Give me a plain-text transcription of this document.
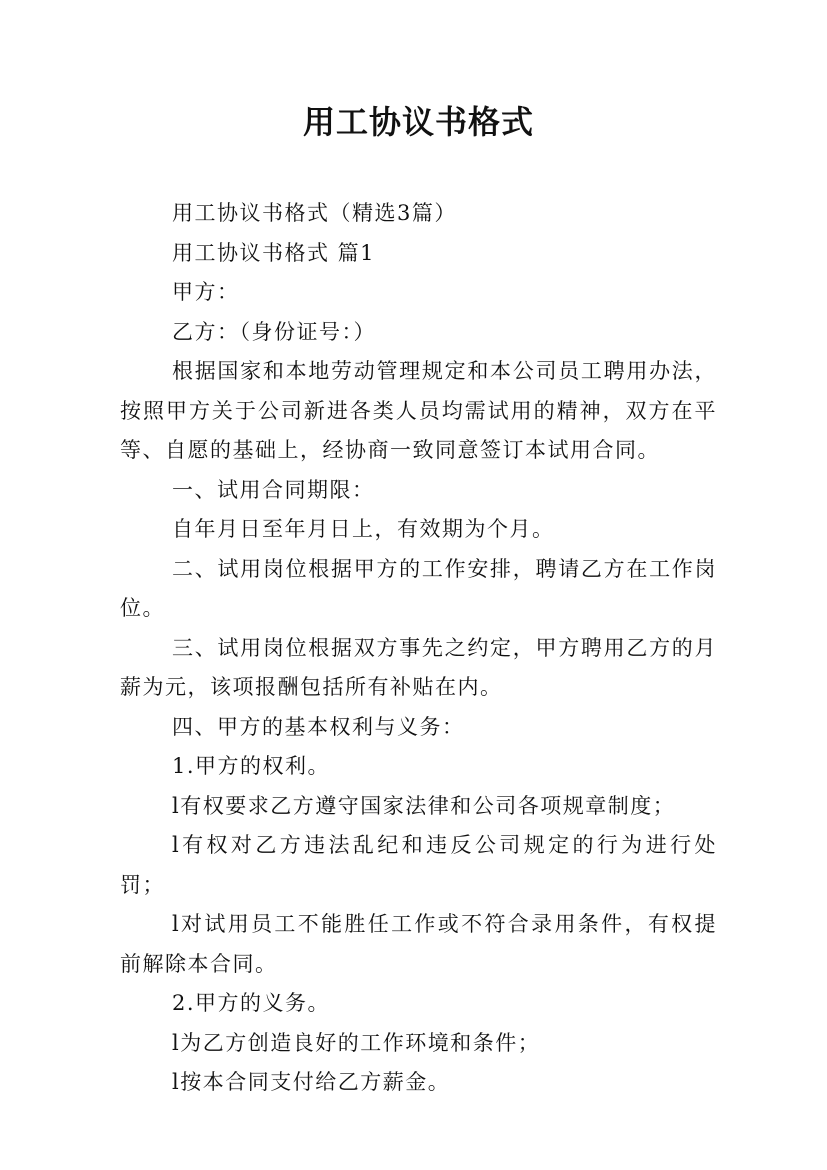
用工协议书格式

用工协议书格式（精选3篇）

用工协议书格式 篇1

甲方：

乙方：（身份证号：）

根据国家和本地劳动管理规定和本公司员工聘用办法，按照甲方关于公司新进各类人员均需试用的精神，双方在平等、自愿的基础上，经协商一致同意签订本试用合同。

一、试用合同期限：

自年月日至年月日上，有效期为个月。

二、试用岗位根据甲方的工作安排，聘请乙方在工作岗位。

三、试用岗位根据双方事先之约定，甲方聘用乙方的月薪为元，该项报酬包括所有补贴在内。

四、甲方的基本权利与义务：

1.甲方的权利。

l有权要求乙方遵守国家法律和公司各项规章制度；

l有权对乙方违法乱纪和违反公司规定的行为进行处罚；

l对试用员工不能胜任工作或不符合录用条件，有权提前解除本合同。

2.甲方的义务。

l为乙方创造良好的工作环境和条件；

l按本合同支付给乙方薪金。
